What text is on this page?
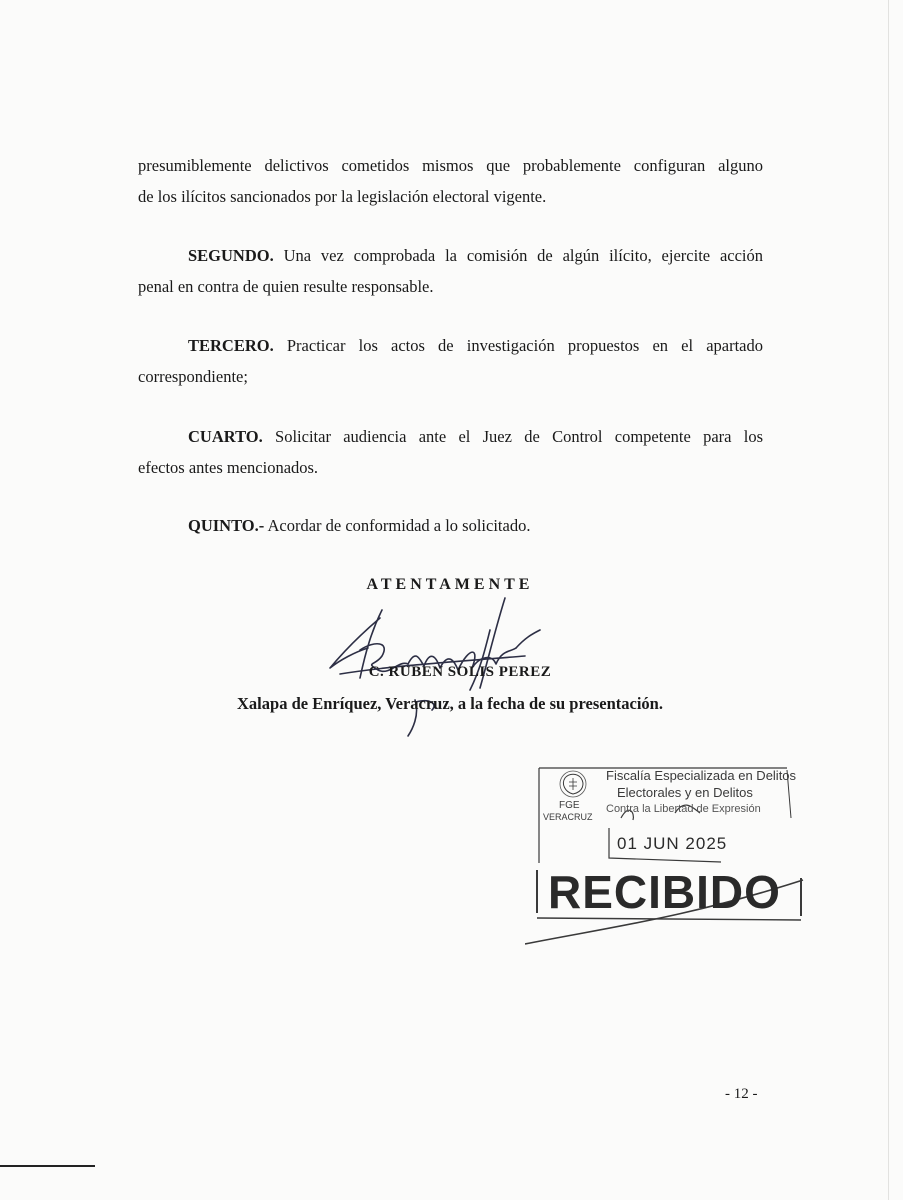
presumiblemente delictivos cometidos mismos que probablemente configuran alguno
de los ilícitos sancionados por la legislación electoral vigente.

SEGUNDO. Una vez comprobada la comisión de algún ilícito, ejercite acción
penal en contra de quien resulte responsable.

TERCERO. Practicar los actos de investigación propuestos en el apartado
correspondiente;

CUARTO. Solicitar audiencia ante el Juez de Control competente para los
efectos antes mencionados.

QUINTO.- Acordar de conformidad a lo solicitado.

ATENTAMENTE

C. RUBEN SOLIS PEREZ

Xalapa de Enríquez, Veracruz, a la fecha de su presentación.

Fiscalía Especializada en Delitos

Electorales y en Delitos

Contra la Libertad de Expresión

FGE

VERACRUZ

01 JUN 2025

RECIBIDO

- 12 -
